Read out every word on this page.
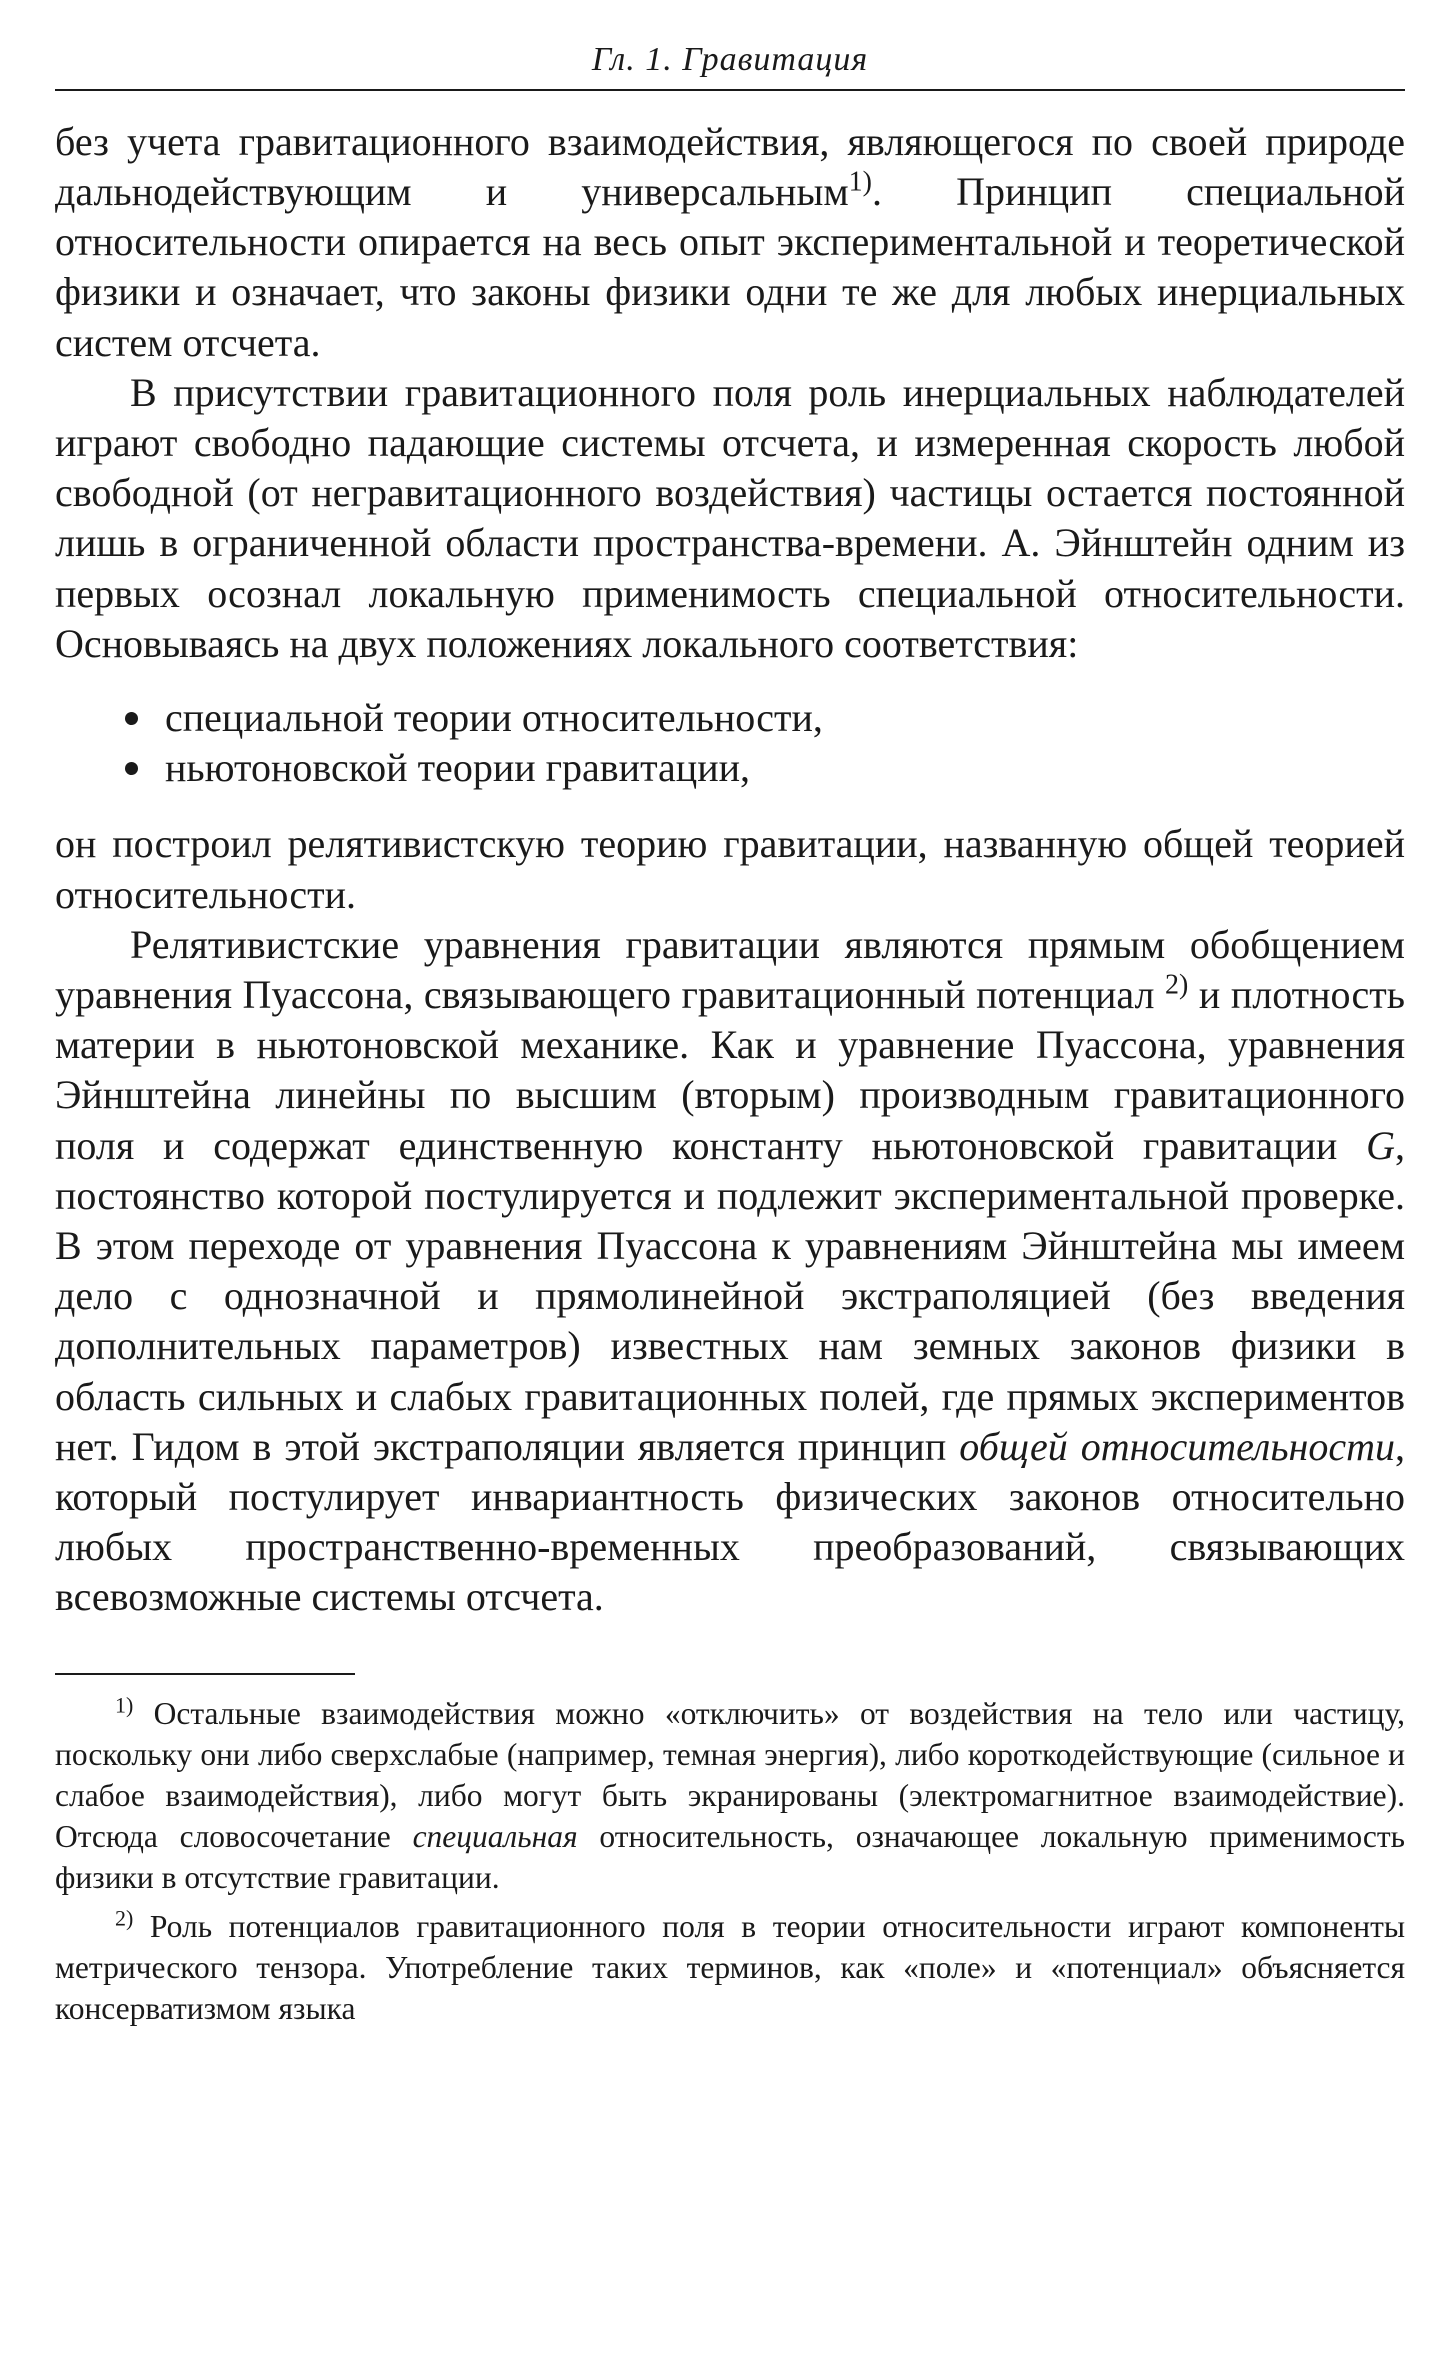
Гл. 1. Гравитация

без учета гравитационного взаимодействия, являющегося по своей природе дальнодействующим и универсальным$^{1)}$. Принцип специальной относительности опирается на весь опыт экспериментальной и теоретической физики и означает, что законы физики одни те же для любых инерциальных систем отсчета.

В присутствии гравитационного поля роль инерциальных наблюдателей играют свободно падающие системы отсчета, и измеренная скорость любой свободной (от негравитационного воздействия) частицы остается постоянной лишь в ограниченной области пространства-времени. А. Эйнштейн одним из первых осознал локальную применимость специальной относительности. Основываясь на двух положениях локального соответствия:

специальной теории относительности,
ньютоновской теории гравитации,

он построил релятивистскую теорию гравитации, названную общей теорией относительности.

Релятивистские уравнения гравитации являются прямым обобщением уравнения Пуассона, связывающего гравитационный потенциал $^{2)}$ и плотность материи в ньютоновской механике. Как и уравнение Пуассона, уравнения Эйнштейна линейны по высшим (вторым) производным гравитационного поля и содержат единственную константу ньютоновской гравитации G, постоянство которой постулируется и подлежит экспериментальной проверке. В этом переходе от уравнения Пуассона к уравнениям Эйнштейна мы имеем дело с однозначной и прямолинейной экстраполяцией (без введения дополнительных параметров) известных нам земных законов физики в область сильных и слабых гравитационных полей, где прямых экспериментов нет. Гидом в этой экстраполяции является принцип общей относительности, который постулирует инвариантность физических законов относительно любых пространственно-временных преобразований, связывающих всевозможные системы отсчета.

$^{1)}$ Остальные взаимодействия можно «отключить» от воздействия на тело или частицу, поскольку они либо сверхслабые (например, темная энергия), либо короткодействующие (сильное и слабое взаимодействия), либо могут быть экранированы (электромагнитное взаимодействие). Отсюда словосочетание специальная относительность, означающее локальную применимость физики в отсутствие гравитации.

$^{2)}$ Роль потенциалов гравитационного поля в теории относительности играют компоненты метрического тензора. Употребление таких терминов, как «поле» и «потенциал» объясняется консерватизмом языка
